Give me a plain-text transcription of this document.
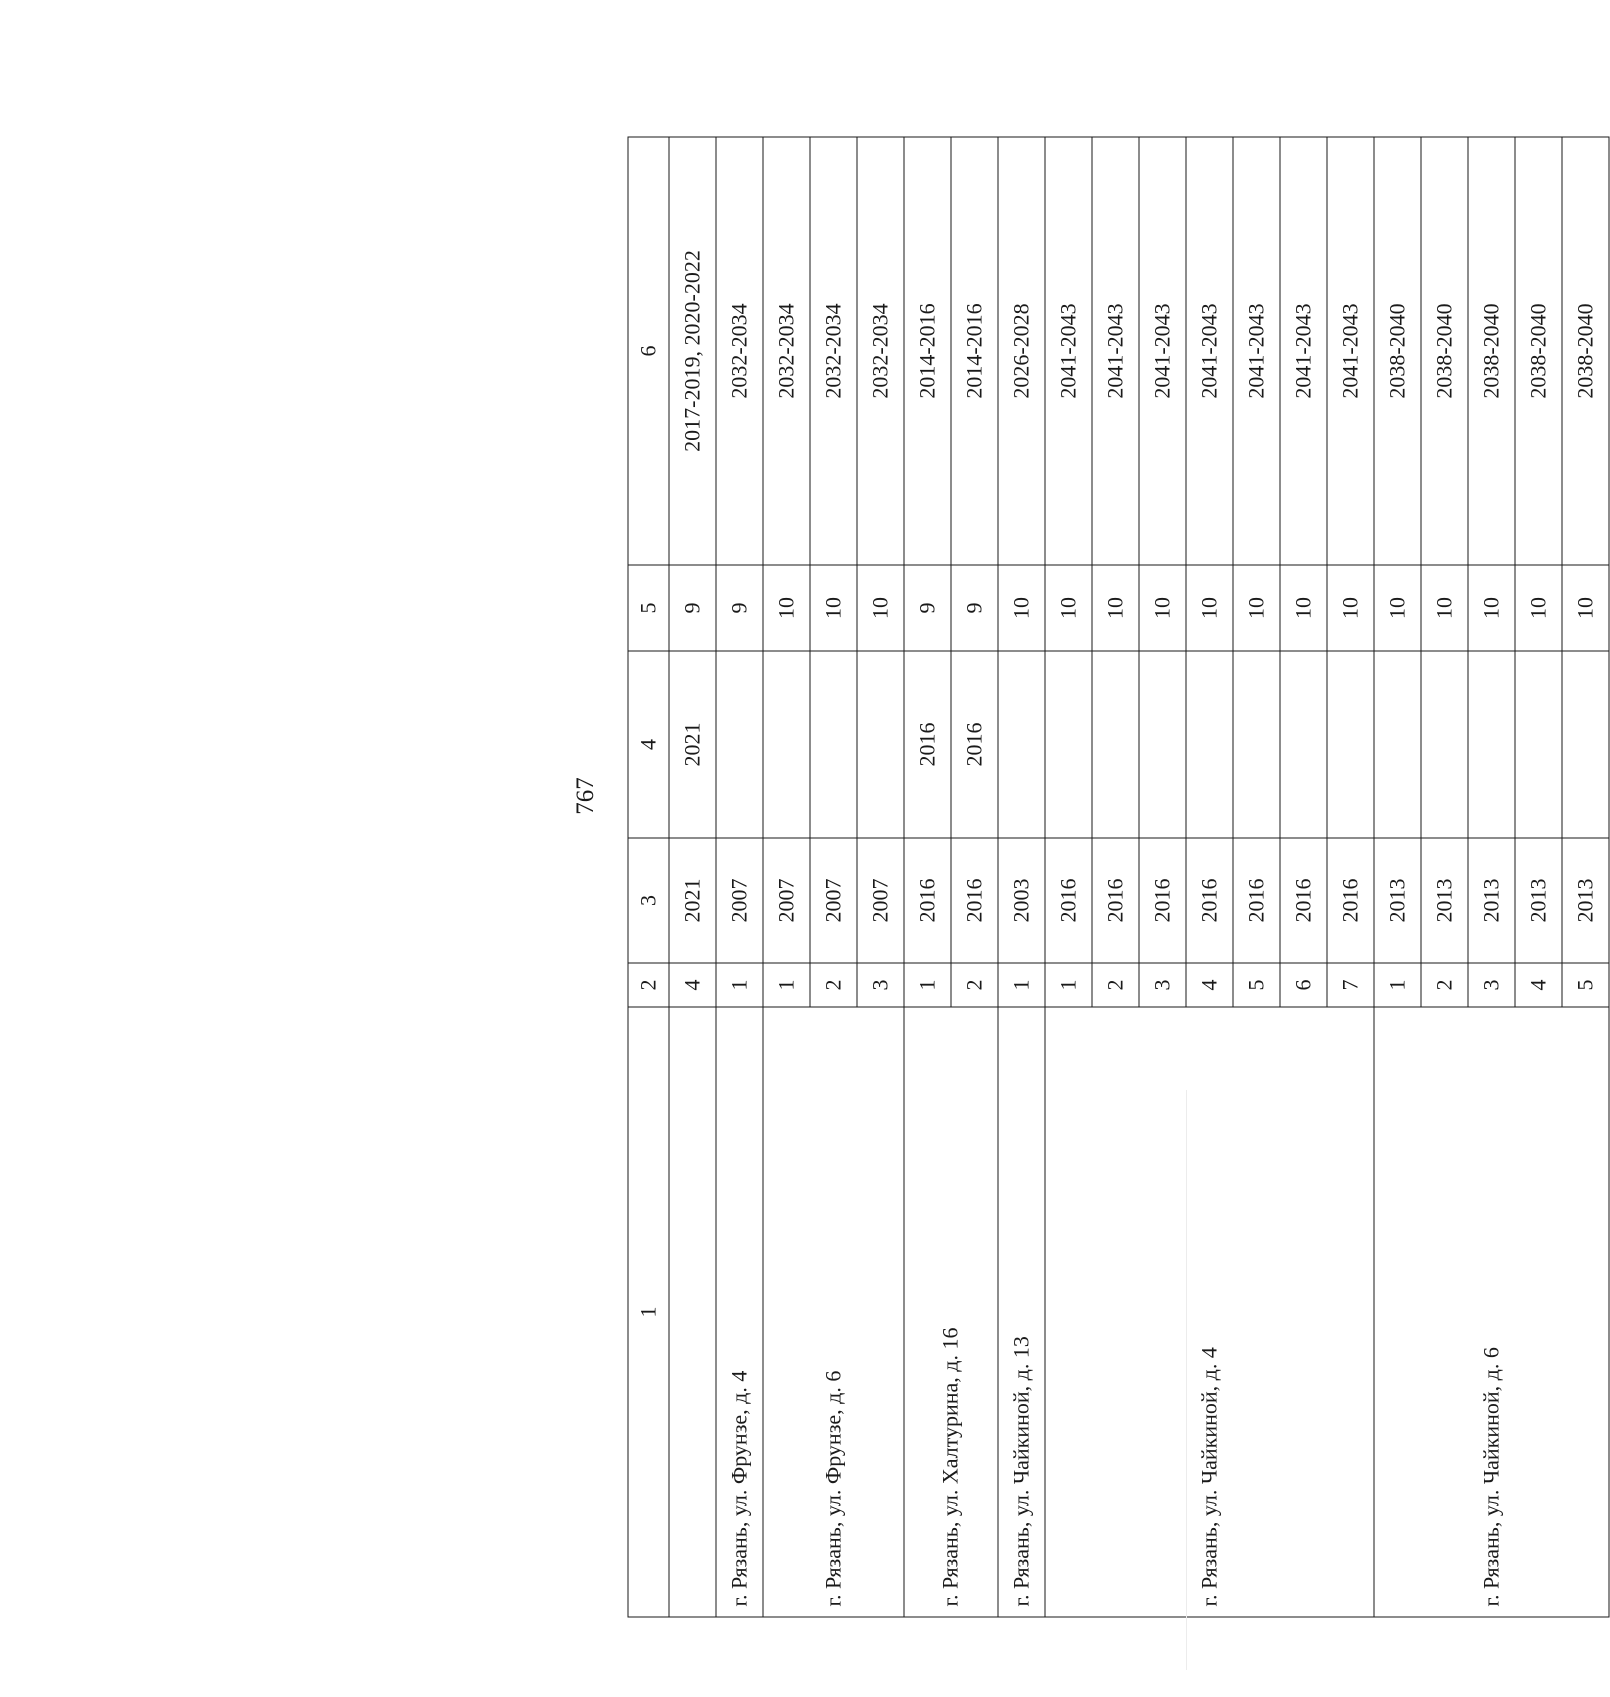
767
1	2	3	4	5	6
	4	2021	2021	9	2017-2019, 2020-2022
г. Рязань, ул. Фрунзе, д. 4	1	2007		9	2032-2034
г. Рязань, ул. Фрунзе, д. 6	1	2007		10	2032-2034
	2	2007		10	2032-2034
	3	2007		10	2032-2034
г. Рязань, ул. Халтурина, д. 16	1	2016	2016	9	2014-2016
	2	2016	2016	9	2014-2016
г. Рязань, ул. Чайкиной, д. 13	1	2003		10	2026-2028
г. Рязань, ул. Чайкиной, д. 4	1	2016		10	2041-2043
	2	2016		10	2041-2043
	3	2016		10	2041-2043
	4	2016		10	2041-2043
	5	2016		10	2041-2043
	6	2016		10	2041-2043
	7	2016		10	2041-2043
г. Рязань, ул. Чайкиной, д. 6	1	2013		10	2038-2040
	2	2013		10	2038-2040
	3	2013		10	2038-2040
	4	2013		10	2038-2040
	5	2013		10	2038-2040
